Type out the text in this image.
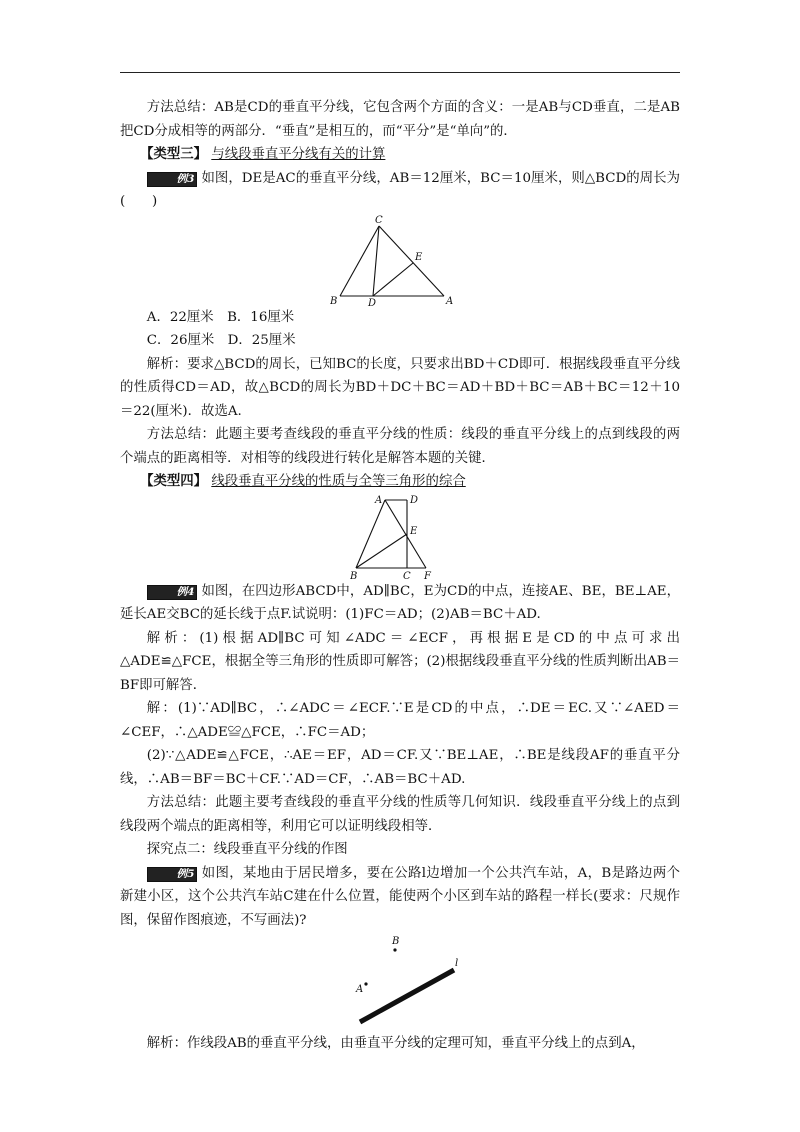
方法总结：AB是CD的垂直平分线，它包含两个方面的含义：一是AB与CD垂直，二是AB把CD分成相等的两部分．“垂直”是相互的，而“平分”是“单向”的．

【类型三】 与线段垂直平分线有关的计算

例3 如图，DE是AC的垂直平分线，AB＝12厘米，BC＝10厘米，则△BCD的周长为(　　)

C
E
B	D	A

A．22厘米　B．16厘米

C．26厘米　D．25厘米

解析：要求△BCD的周长，已知BC的长度，只要求出BD＋CD即可．根据线段垂直平分线的性质得CD＝AD，故△BCD的周长为BD＋DC＋BC＝AD＋BD＋BC＝AB＋BC＝12＋10＝22(厘米)．故选A.

方法总结：此题主要考查线段的垂直平分线的性质：线段的垂直平分线上的点到线段的两个端点的距离相等．对相等的线段进行转化是解答本题的关键．

【类型四】 线段垂直平分线的性质与全等三角形的综合

A	D
E
B	C F

例4 如图，在四边形ABCD中，AD∥BC，E为CD的中点，连接AE、BE，BE⊥AE，延长AE交BC的延长线于点F.试说明：(1)FC＝AD；(2)AB＝BC＋AD.

解析：(1)根据AD∥BC可知∠ADC＝∠ECF，再根据E是CD的中点可求出△ADE≌△FCE，根据全等三角形的性质即可解答；(2)根据线段垂直平分线的性质判断出AB＝BF即可解答．

解：(1)∵AD∥BC，∴∠ADC＝∠ECF.∵E是CD的中点，∴DE＝EC.又∵∠AED＝∠CEF，∴△ADE≌△FCE，∴FC＝AD；

(2)∵△ADE≌△FCE，∴AE＝EF，AD＝CF.又∵BE⊥AE，∴BE是线段AF的垂直平分线，∴AB＝BF＝BC＋CF.∵AD＝CF，∴AB＝BC＋AD.

方法总结：此题主要考查线段的垂直平分线的性质等几何知识．线段垂直平分线上的点到线段两个端点的距离相等，利用它可以证明线段相等．

探究点二：线段垂直平分线的作图

例5 如图，某地由于居民增多，要在公路l边增加一个公共汽车站，A，B是路边两个新建小区，这个公共汽车站C建在什么位置，能使两个小区到车站的路程一样长(要求：尺规作图，保留作图痕迹，不写画法)?

B
l
A

解析：作线段AB的垂直平分线，由垂直平分线的定理可知，垂直平分线上的点到A，
